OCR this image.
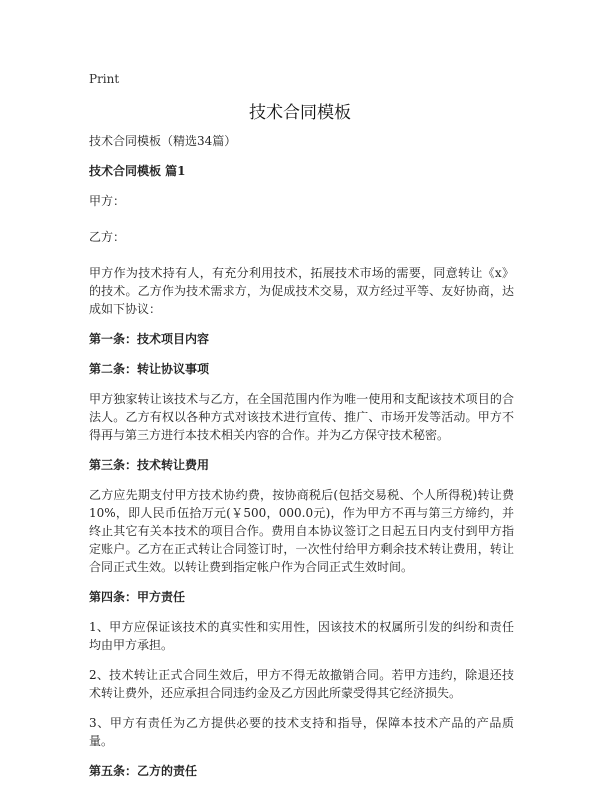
Print
技术合同模板

技术合同模板（精选34篇）

技术合同模板 篇1

甲方：

乙方：

甲方作为技术持有人，有充分利用技术，拓展技术市场的需要，同意转让《x》的技术。乙方作为技术需求方，为促成技术交易，双方经过平等、友好协商，达成如下协议：

第一条：技术项目内容

第二条：转让协议事项

甲方独家转让该技术与乙方，在全国范围内作为唯一使用和支配该技术项目的合法人。乙方有权以各种方式对该技术进行宣传、推广、市场开发等活动。甲方不得再与第三方进行本技术相关内容的合作。并为乙方保守技术秘密。

第三条：技术转让费用

乙方应先期支付甲方技术协约费，按协商税后(包括交易税、个人所得税)转让费10%，即人民币伍拾万元(￥500，000.0元)，作为甲方不再与第三方缔约，并终止其它有关本技术的项目合作。费用自本协议签订之日起五日内支付到甲方指定账户。乙方在正式转让合同签订时，一次性付给甲方剩余技术转让费用，转让合同正式生效。以转让费到指定帐户作为合同正式生效时间。

第四条：甲方责任

1、甲方应保证该技术的真实性和实用性，因该技术的权属所引发的纠纷和责任均由甲方承担。

2、技术转让正式合同生效后，甲方不得无故撤销合同。若甲方违约，除退还技术转让费外，还应承担合同违约金及乙方因此所蒙受得其它经济损失。

3、甲方有责任为乙方提供必要的技术支持和指导，保障本技术产品的产品质量。

第五条：乙方的责任
